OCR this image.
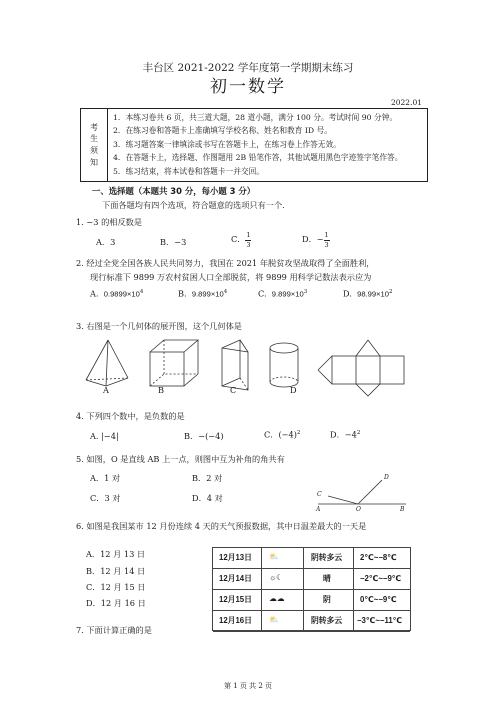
丰台区 2021-2022 学年度第一学期期末练习
初一数学
2022.01
考
生
须
知
1．本练习卷共 6 页，共三道大题，28 道小题，满分 100 分。考试时间 90 分钟。
2．在练习卷和答题卡上准确填写学校名称、姓名和教育 ID 号。
3．练习题答案一律填涂或书写在答题卡上，在练习卷上作答无效。
4．在答题卡上，选择题、作图题用 2B 铅笔作答，其他试题用黑色字迹签字笔作答。
5．练习结束，将本试卷和答题卡一并交回。
一、选择题（本题共 30 分，每小题 3 分）
下面各题均有四个选项，符合题意的选项只有一个.
1. −3 的相反数是
A．3	B．−3	C． $\frac{1}{3}$	D．− $\frac{1}{3}$
2. 经过全党全国各族人民共同努力，我国在 2021 年脱贫攻坚战取得了全面胜利，
现行标准下 9899 万农村贫困人口全部脱贫，将 9899 用科学记数法表示应为
A. $0.9899\times 10^4$	B. $9.899\times 10^4$	C. $9.899\times 10^3$	D. $98.99\times 10^2$
3. 右图是一个几何体的展开图，这个几何体是
A	B	C	D
4. 下列四个数中，是负数的是
A. |−4|	B．−(−4)	C．$(-4)^2$	D．$-4^2$
5. 如图，O 是直线 AB 上一点，则图中互为补角的角共有
A．1 对	B．2 对
C．3 对	D．4 对	C
D
A	O	B
6. 如图是我国某市 12 月份连续 4 天的天气预报数据，其中日温差最大的一天是
A．12 月 13 日
B．12 月 14 日
C．12 月 15 日
D．12 月 16 日
12月13日 ⛅	阴转多云 2℃~−8℃
12月14日 ☼☾	晴	−2℃~−9℃
12月15日 ☁☁	阴	0℃~−9℃
12月16日 ⛅	阴转多云 −3℃~−11℃
7. 下面计算正确的是
第 1 页 共 2 页
